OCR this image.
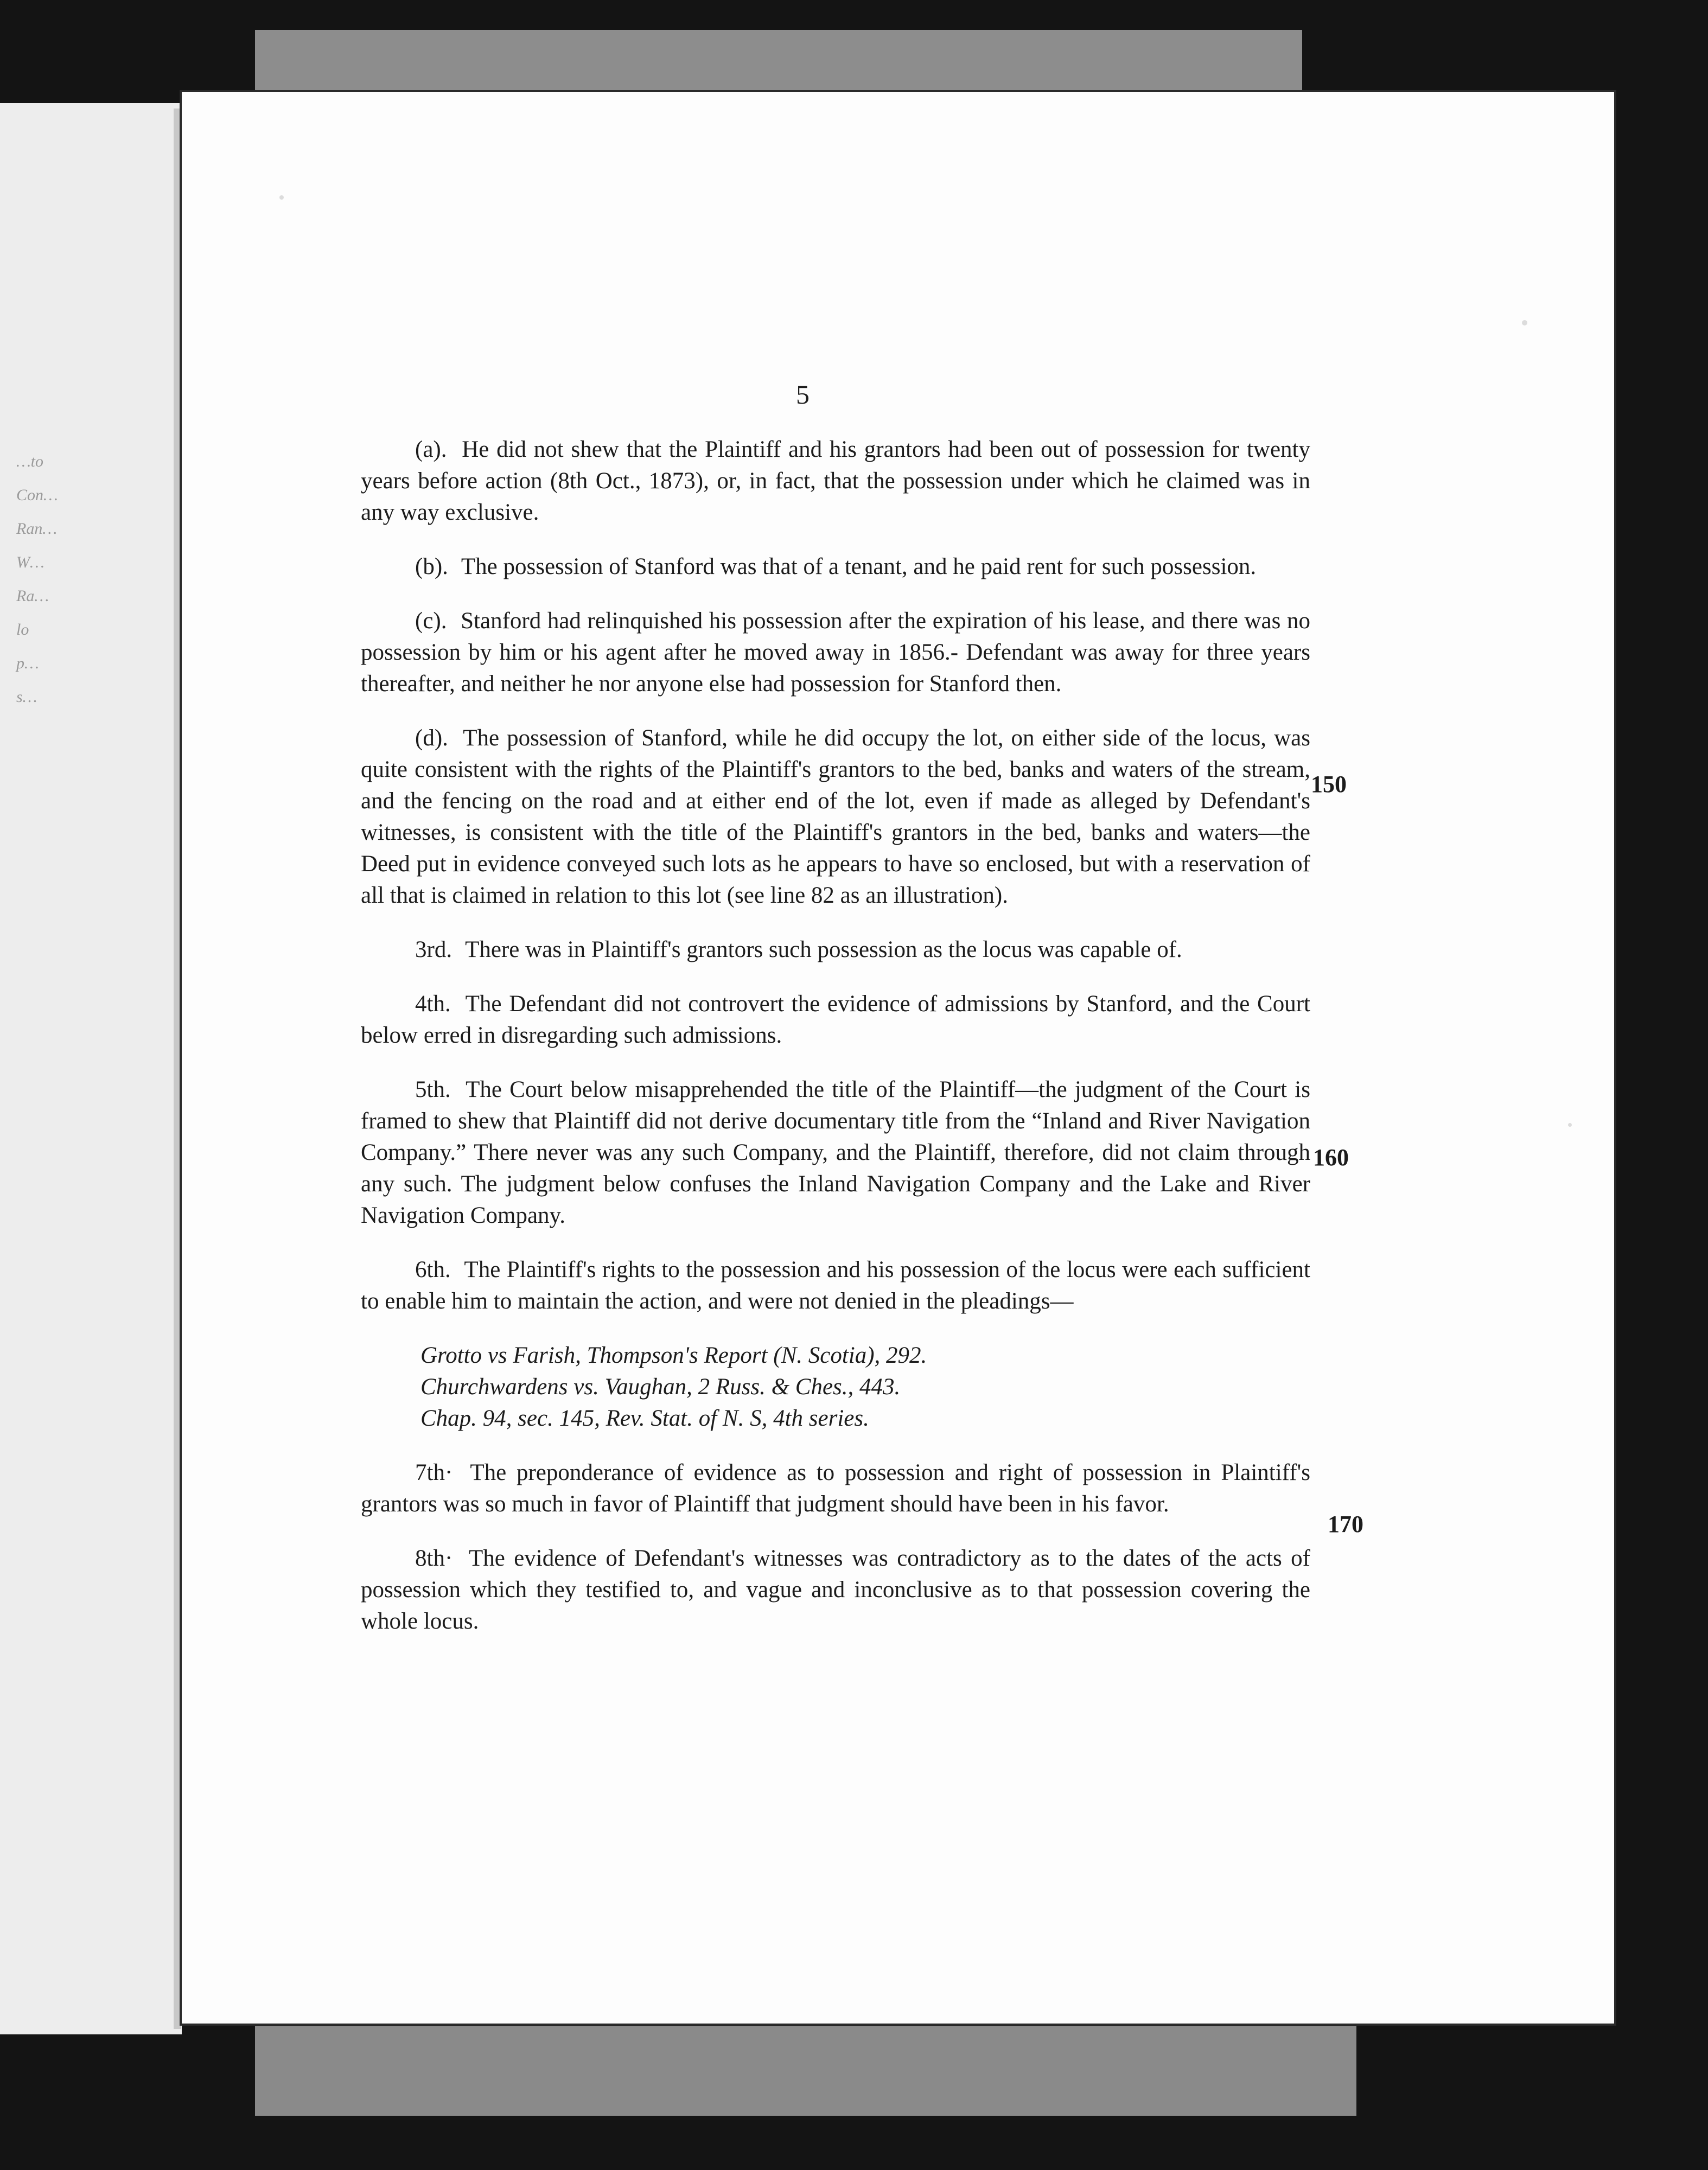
…to
Con…
Ran…
W…
Ra…
lo
p…
s…
5

(a). He did not shew that the Plaintiff and his grantors had been out of possession for twenty years before action (8th Oct., 1873), or, in fact, that the possession under which he claimed was in any way exclusive.

(b). The possession of Stanford was that of a tenant, and he paid rent for such possession.

(c). Stanford had relinquished his possession after the expiration of his lease, and there was no possession by him or his agent after he moved away in 1856.- Defendant was away for three years thereafter, and neither he nor anyone else had possession for Stanford then.

(d). The possession of Stanford, while he did occupy the lot, on either side of the locus, was quite consistent with the rights of the Plaintiff's grantors to the bed, banks and waters of the stream, and the fencing on the road and at either end of the lot, even if made as alleged by Defendant's witnesses, is consistent with the title of the Plaintiff's grantors in the bed, banks and waters—the Deed put in evidence conveyed such lots as he appears to have so enclosed, but with a reservation of all that is claimed in relation to this lot (see line 82 as an illustration).

3rd. There was in Plaintiff's grantors such possession as the locus was capable of.

4th. The Defendant did not controvert the evidence of admissions by Stanford, and the Court below erred in disregarding such admissions.

5th. The Court below misapprehended the title of the Plaintiff—the judgment of the Court is framed to shew that Plaintiff did not derive documentary title from the “Inland and River Navigation Company.” There never was any such Company, and the Plaintiff, therefore, did not claim through any such. The judgment below confuses the Inland Navigation Company and the Lake and River Navigation Company.

6th. The Plaintiff's rights to the possession and his possession of the locus were each sufficient to enable him to maintain the action, and were not denied in the pleadings—

Grotto vs Farish, Thompson's Report (N. Scotia), 292.
Churchwardens vs. Vaughan, 2 Russ. & Ches., 443.
Chap. 94, sec. 145, Rev. Stat. of N. S, 4th series.

7th· The preponderance of evidence as to possession and right of possession in Plaintiff's grantors was so much in favor of Plaintiff that judgment should have been in his favor.

8th· The evidence of Defendant's witnesses was contradictory as to the dates of the acts of possession which they testified to, and vague and inconclusive as to that possession covering the whole locus.

150
160
170
